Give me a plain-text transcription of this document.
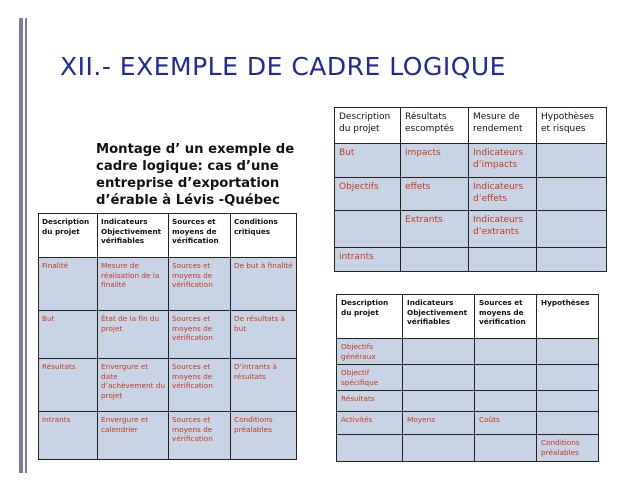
XII.- EXEMPLE DE CADRE LOGIQUE
Montage d’ un exemple de
cadre logique: cas d’une
entreprise d’exportation
d’érable à Lévis -Québec
Description du projet	Résultats escomptés	Mesure de rendement	Hypothèses et risques
But	impacts	Indicateurs d’impacts	
Objectifs	effets	Indicateurs d’effets	
	Extrants	Indicateurs d’extrants	
intrants			
Description du projet	Indicateurs Objectivement vérifiables	Sources et moyens de vérification	Conditions critiques
Finalité	Mesure de réalisation de la finalité	Sources et moyens de vérification	De but à finalité
But	État de la fin du projet	Sources et moyens de vérification	De résultats à but
Résultats	Envergure et date d’achèvement du projet	Sources et moyens de vérification	D’intrants à résultats
Intrants	Envergure et calendrier	Sources et moyens de vérification	Conditions préalables
Description du projet	Indicateurs Objectivement vérifiables	Sources et moyens de vérification	Hypothèses
Objectifs généraux			
Objectif spécifique			
Résultats			
Activités	Moyens	Coûts	
			Conditions préalables
